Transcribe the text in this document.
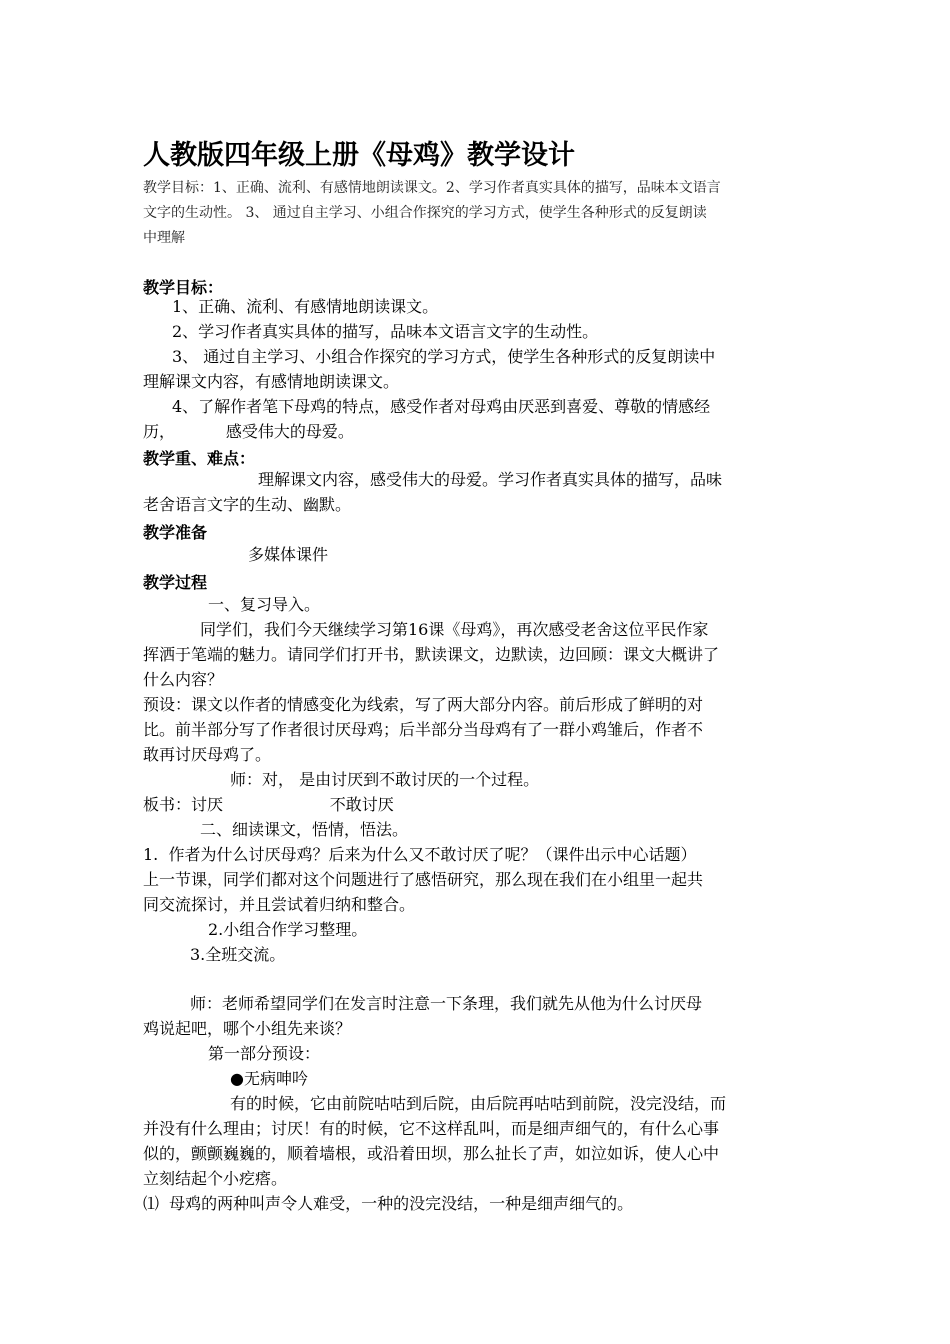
人教版四年级上册《母鸡》教学设计
教学目标：1、正确、流利、有感情地朗读课文。2、学习作者真实具体的描写，品味本文语言
文字的生动性。 3、 通过自主学习、小组合作探究的学习方式，使学生各种形式的反复朗读
中理解
教学目标：
1、正确、流利、有感情地朗读课文。
2、学习作者真实具体的描写，品味本文语言文字的生动性。
3、 通过自主学习、小组合作探究的学习方式，使学生各种形式的反复朗读中
理解课文内容，有感情地朗读课文。
4、了解作者笔下母鸡的特点，感受作者对母鸡由厌恶到喜爱、尊敬的情感经
历，          感受伟大的母爱。
教学重、难点：
理解课文内容，感受伟大的母爱。学习作者真实具体的描写，品味
老舍语言文字的生动、幽默。
教学准备
多媒体课件
教学过程
一、复习导入。
同学们，我们今天继续学习第16课《母鸡》，再次感受老舍这位平民作家
挥洒于笔端的魅力。请同学们打开书，默读课文，边默读，边回顾：课文大概讲了
什么内容？
预设：课文以作者的情感变化为线索，写了两大部分内容。前后形成了鲜明的对
比。前半部分写了作者很讨厌母鸡；后半部分当母鸡有了一群小鸡雏后，作者不
敢再讨厌母鸡了。
师：对， 是由讨厌到不敢讨厌的一个过程。
板书：讨厌                     不敢讨厌
二、细读课文，悟情，悟法。
1.  作者为什么讨厌母鸡？后来为什么又不敢讨厌了呢？（课件出示中心话题）
上一节课，同学们都对这个问题进行了感悟研究，那么现在我们在小组里一起共
同交流探讨，并且尝试着归纳和整合。
2.小组合作学习整理。
3.全班交流。
师：老师希望同学们在发言时注意一下条理，我们就先从他为什么讨厌母
鸡说起吧，哪个小组先来谈？
第一部分预设：
●无病呻吟
有的时候，它由前院咕咕到后院，由后院再咕咕到前院，没完没结，而
并没有什么理由；讨厌！有的时候，它不这样乱叫，而是细声细气的，有什么心事
似的，颤颤巍巍的，顺着墙根，或沿着田坝，那么扯长了声，如泣如诉，使人心中
立刻结起个小疙瘩。
⑴  母鸡的两种叫声令人难受，一种的没完没结，一种是细声细气的。
